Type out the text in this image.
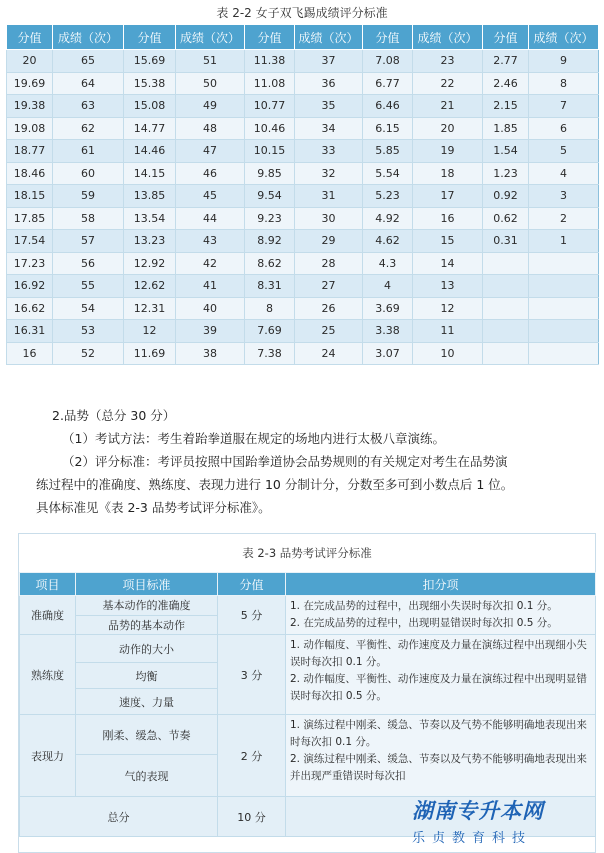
表 2-2 女子双飞踢成绩评分标准
分值	成绩（次）	分值	成绩（次）	分值	成绩（次）	分值	成绩（次）	分值	成绩（次）
20	65	15.69	51	11.38	37	7.08	23	2.77	9
19.69	64	15.38	50	11.08	36	6.77	22	2.46	8
19.38	63	15.08	49	10.77	35	6.46	21	2.15	7
19.08	62	14.77	48	10.46	34	6.15	20	1.85	6
18.77	61	14.46	47	10.15	33	5.85	19	1.54	5
18.46	60	14.15	46	9.85	32	5.54	18	1.23	4
18.15	59	13.85	45	9.54	31	5.23	17	0.92	3
17.85	58	13.54	44	9.23	30	4.92	16	0.62	2
17.54	57	13.23	43	8.92	29	4.62	15	0.31	1
17.23	56	12.92	42	8.62	28	4.3	14		
16.92	55	12.62	41	8.31	27	4	13		
16.62	54	12.31	40	8	26	3.69	12		
16.31	53	12	39	7.69	25	3.38	11		
16	52	11.69	38	7.38	24	3.07	10		
2.品势（总分 30 分）
（1）考试方法：考生着跆拳道服在规定的场地内进行太极八章演练。
（2）评分标准：考评员按照中国跆拳道协会品势规则的有关规定对考生在品势演
练过程中的准确度、熟练度、表现力进行 10 分制计分，分数至多可到小数点后 1 位。
具体标准见《表 2-3 品势考试评分标准》。
表 2-3 品势考试评分标准
项目	项目标准	分值	扣分项
准确度	基本动作的准确度	5 分	1. 在完成品势的过程中，出现细小失误时每次扣 0.1 分。
2. 在完成品势的过程中，出现明显错误时每次扣 0.5 分。

	品势的基本动作		
熟练度	动作的大小	3 分	1. 动作幅度、平衡性、动作速度及力量在演练过程中出现细小失误时每次扣 0.1 分。
2. 动作幅度、平衡性、动作速度及力量在演练过程中出现明显错误时每次扣 0.5 分。

	均衡		
	速度、力量		
表现力	刚柔、缓急、节奏	2 分	1. 演练过程中刚柔、缓急、节奏以及气势不能够明确地表现出来时每次扣 0.1 分。
2. 演练过程中刚柔、缓急、节奏以及气势不能够明确地表现出来并出现严重错误时每次扣

	气的表现		
总分		10 分		湖南专升本网
乐贞教育科技
